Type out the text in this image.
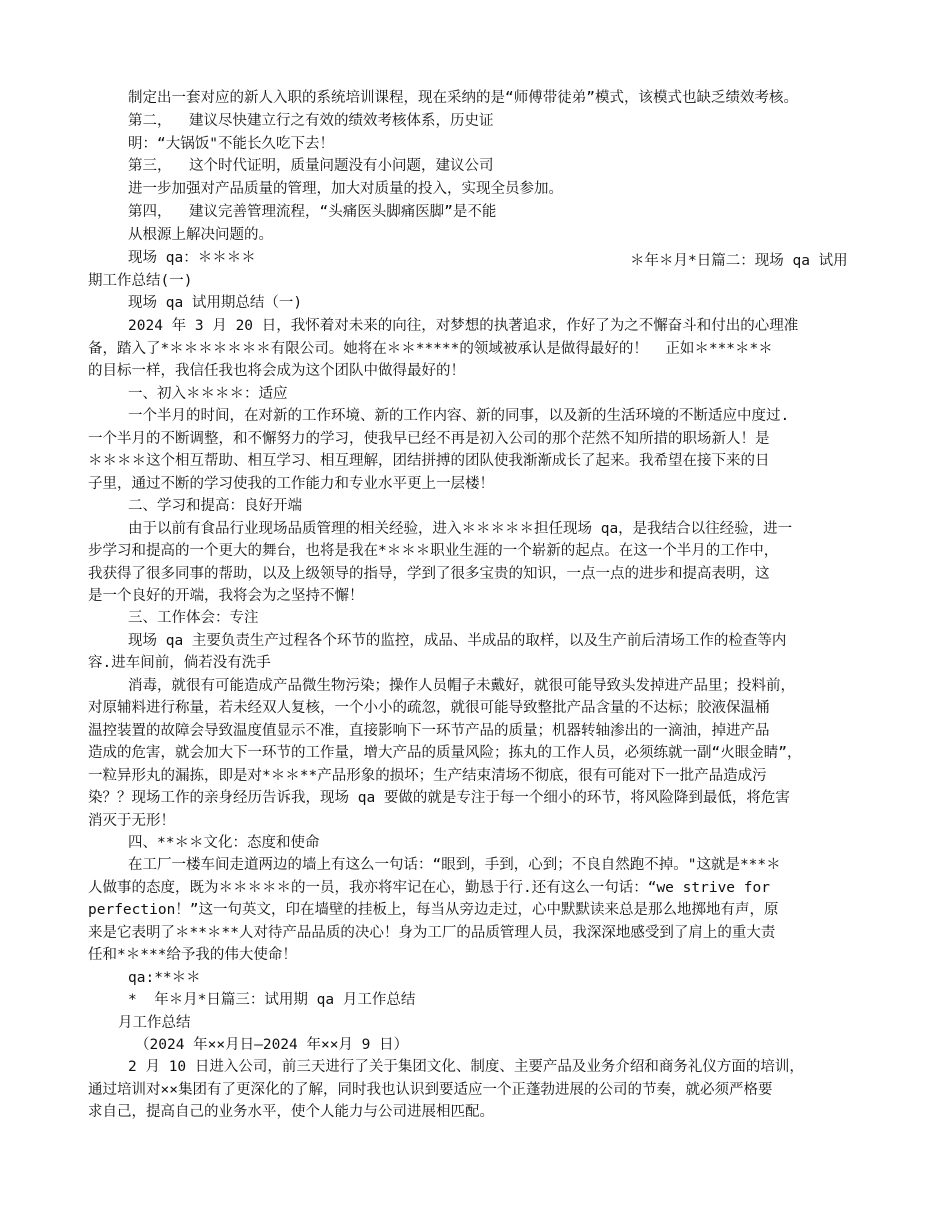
制定出一套对应的新人入职的系统培训课程，现在采纳的是“师傅带徒弟”模式，该模式也缺乏绩效考核。
第二，  建议尽快建立行之有效的绩效考核体系，历史证
明：“大锅饭"不能长久吃下去！
第三，  这个时代证明，质量问题没有小问题，建议公司
进一步加强对产品质量的管理，加大对质量的投入，实现全员参加。
第四，  建议完善管理流程，“头痛医头脚痛医脚”是不能
从根源上解决问题的。
现场 qa：＊＊＊＊	＊年＊月*日篇二：现场 qa 试用
期工作总结(一)
现场 qa 试用期总结（一)
2024 年 3 月 20 日，我怀着对未来的向往，对梦想的执著追求，作好了为之不懈奋斗和付出的心理准
备，踏入了*＊＊＊＊＊＊＊有限公司。她将在＊＊*****的领域被承认是做得最好的！  正如＊***＊*＊
的目标一样，我信任我也将会成为这个团队中做得最好的！
一、初入＊＊＊＊：适应
一个半月的时间，在对新的工作环境、新的工作内容、新的同事，以及新的生活环境的不断适应中度过.
一个半月的不断调整，和不懈努力的学习，使我早已经不再是初入公司的那个茫然不知所措的职场新人！是
＊＊＊＊这个相互帮助、相互学习、相互理解，团结拼搏的团队使我渐渐成长了起来。我希望在接下来的日
子里，通过不断的学习使我的工作能力和专业水平更上一层楼！
二、学习和提高：良好开端
由于以前有食品行业现场品质管理的相关经验，进入＊＊＊＊＊担任现场 qa，是我结合以往经验，进一
步学习和提高的一个更大的舞台，也将是我在*＊＊＊职业生涯的一个崭新的起点。在这一个半月的工作中，
我获得了很多同事的帮助，以及上级领导的指导，学到了很多宝贵的知识，一点一点的进步和提高表明，这
是一个良好的开端，我将会为之坚持不懈！
三、工作体会：专注
现场 qa 主要负责生产过程各个环节的监控，成品、半成品的取样，以及生产前后清场工作的检查等内
容.进车间前，倘若没有洗手
消毒，就很有可能造成产品微生物污染；操作人员帽子未戴好，就很可能导致头发掉进产品里；投料前，
对原辅料进行称量，若未经双人复核，一个小小的疏忽，就很可能导致整批产品含量的不达标；胶液保温桶
温控装置的故障会导致温度值显示不准，直接影响下一环节产品的质量；机器转轴渗出的一滴油，掉进产品
造成的危害，就会加大下一环节的工作量，增大产品的质量风险；拣丸的工作人员，必须练就一副“火眼金睛”，
一粒异形丸的漏拣，即是对*＊＊**产品形象的损坏；生产结束清场不彻底，很有可能对下一批产品造成污
染？？现场工作的亲身经历告诉我，现场 qa 要做的就是专注于每一个细小的环节，将风险降到最低，将危害
消灭于无形！
四、**＊＊文化：态度和使命
在工厂一楼车间走道两边的墙上有这么一句话：“眼到，手到，心到；不良自然跑不掉。"这就是***＊
人做事的态度，既为＊＊＊＊＊的一员，我亦将牢记在心，勤恳于行.还有这么一句话：“we strive for
perfection！”这一句英文，印在墙壁的挂板上，每当从旁边走过，心中默默读来总是那么地掷地有声，原
来是它表明了＊**＊**人对待产品品质的决心！身为工厂的品质管理人员，我深深地感受到了肩上的重大责
任和*＊***给予我的伟大使命！
qa:**＊＊
*  年＊月*日篇三：试用期 qa 月工作总结
月工作总结
（2024 年××月日—2024 年××月 9 日）
2 月 10 日进入公司，前三天进行了关于集团文化、制度、主要产品及业务介绍和商务礼仪方面的培训，
通过培训对××集团有了更深化的了解，同时我也认识到要适应一个正蓬勃进展的公司的节奏，就必须严格要
求自己，提高自己的业务水平，使个人能力与公司进展相匹配。
